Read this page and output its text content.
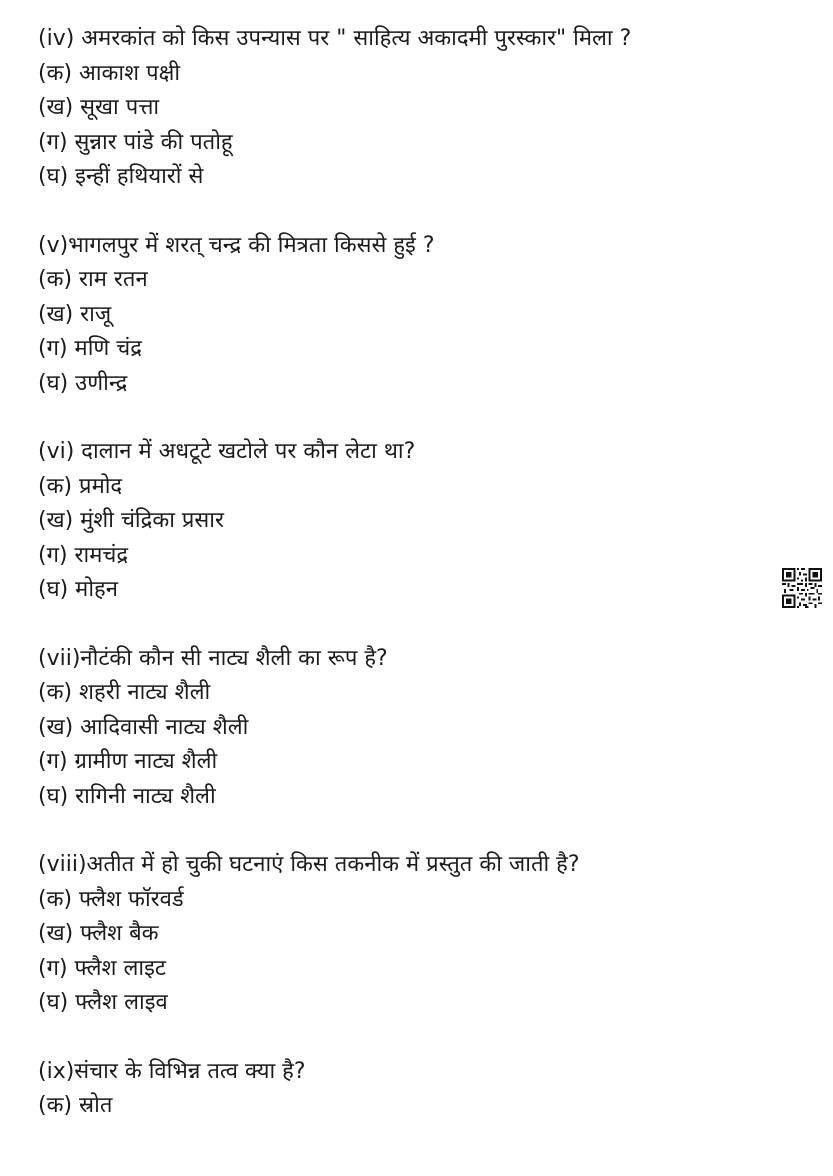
(iv) अमरकांत को किस उपन्यास पर " साहित्य अकादमी पुरस्कार" मिला ?
(क) आकाश पक्षी
(ख) सूखा पत्ता
(ग) सुन्नार पांडे की पतोहू
(घ) इन्हीं हथियारों से
(v)भागलपुर में शरत् चन्द्र की मित्रता किससे हुई ?
(क) राम रतन
(ख) राजू
(ग) मणि चंद्र
(घ) उणीन्द्र
(vi) दालान में अधटूटे खटोले पर कौन लेटा था?
(क) प्रमोद
(ख) मुंशी चंद्रिका प्रसार
(ग) रामचंद्र
(घ) मोहन
(vii)नौटंकी कौन सी नाट्य शैली का रूप है?
(क) शहरी नाट्य शैली
(ख) आदिवासी नाट्य शैली
(ग) ग्रामीण नाट्य शैली
(घ) रागिनी नाट्य शैली
(viii)अतीत में हो चुकी घटनाएं किस तकनीक में प्रस्तुत की जाती है?
(क) फ्लैश फॉरवर्ड
(ख) फ्लैश बैक
(ग) फ्लैश लाइट
(घ) फ्लैश लाइव
(ix)संचार के विभिन्न तत्व क्या है?
(क) स्रोत
